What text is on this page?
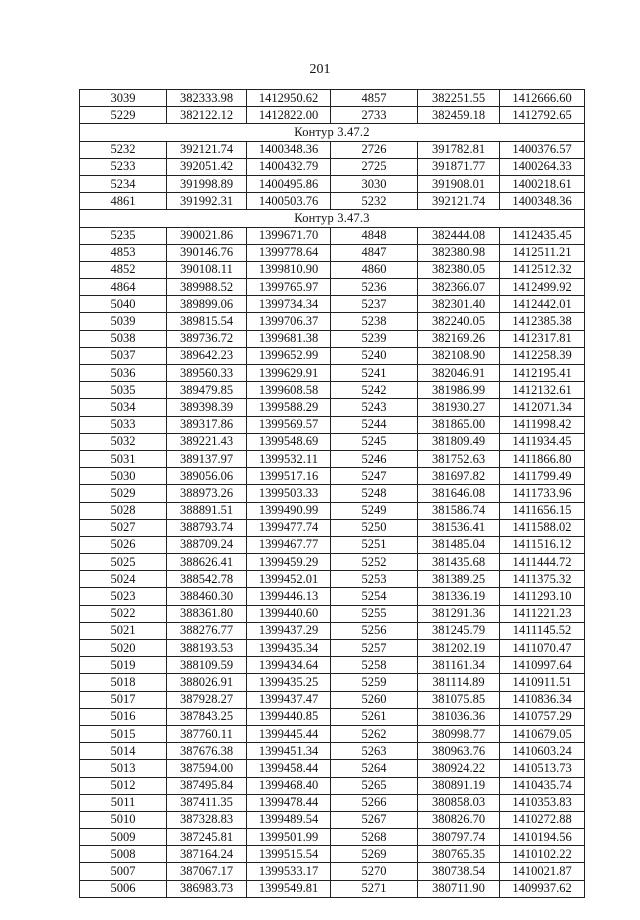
201
3039	382333.98	1412950.62	4857	382251.55	1412666.60
5229	382122.12	1412822.00	2733	382459.18	1412792.65
Контур 3.47.2					
5232	392121.74	1400348.36	2726	391782.81	1400376.57
5233	392051.42	1400432.79	2725	391871.77	1400264.33
5234	391998.89	1400495.86	3030	391908.01	1400218.61
4861	391992.31	1400503.76	5232	392121.74	1400348.36
Контур 3.47.3					
5235	390021.86	1399671.70	4848	382444.08	1412435.45
4853	390146.76	1399778.64	4847	382380.98	1412511.21
4852	390108.11	1399810.90	4860	382380.05	1412512.32
4864	389988.52	1399765.97	5236	382366.07	1412499.92
5040	389899.06	1399734.34	5237	382301.40	1412442.01
5039	389815.54	1399706.37	5238	382240.05	1412385.38
5038	389736.72	1399681.38	5239	382169.26	1412317.81
5037	389642.23	1399652.99	5240	382108.90	1412258.39
5036	389560.33	1399629.91	5241	382046.91	1412195.41
5035	389479.85	1399608.58	5242	381986.99	1412132.61
5034	389398.39	1399588.29	5243	381930.27	1412071.34
5033	389317.86	1399569.57	5244	381865.00	1411998.42
5032	389221.43	1399548.69	5245	381809.49	1411934.45
5031	389137.97	1399532.11	5246	381752.63	1411866.80
5030	389056.06	1399517.16	5247	381697.82	1411799.49
5029	388973.26	1399503.33	5248	381646.08	1411733.96
5028	388891.51	1399490.99	5249	381586.74	1411656.15
5027	388793.74	1399477.74	5250	381536.41	1411588.02
5026	388709.24	1399467.77	5251	381485.04	1411516.12
5025	388626.41	1399459.29	5252	381435.68	1411444.72
5024	388542.78	1399452.01	5253	381389.25	1411375.32
5023	388460.30	1399446.13	5254	381336.19	1411293.10
5022	388361.80	1399440.60	5255	381291.36	1411221.23
5021	388276.77	1399437.29	5256	381245.79	1411145.52
5020	388193.53	1399435.34	5257	381202.19	1411070.47
5019	388109.59	1399434.64	5258	381161.34	1410997.64
5018	388026.91	1399435.25	5259	381114.89	1410911.51
5017	387928.27	1399437.47	5260	381075.85	1410836.34
5016	387843.25	1399440.85	5261	381036.36	1410757.29
5015	387760.11	1399445.44	5262	380998.77	1410679.05
5014	387676.38	1399451.34	5263	380963.76	1410603.24
5013	387594.00	1399458.44	5264	380924.22	1410513.73
5012	387495.84	1399468.40	5265	380891.19	1410435.74
5011	387411.35	1399478.44	5266	380858.03	1410353.83
5010	387328.83	1399489.54	5267	380826.70	1410272.88
5009	387245.81	1399501.99	5268	380797.74	1410194.56
5008	387164.24	1399515.54	5269	380765.35	1410102.22
5007	387067.17	1399533.17	5270	380738.54	1410021.87
5006	386983.73	1399549.81	5271	380711.90	1409937.62
